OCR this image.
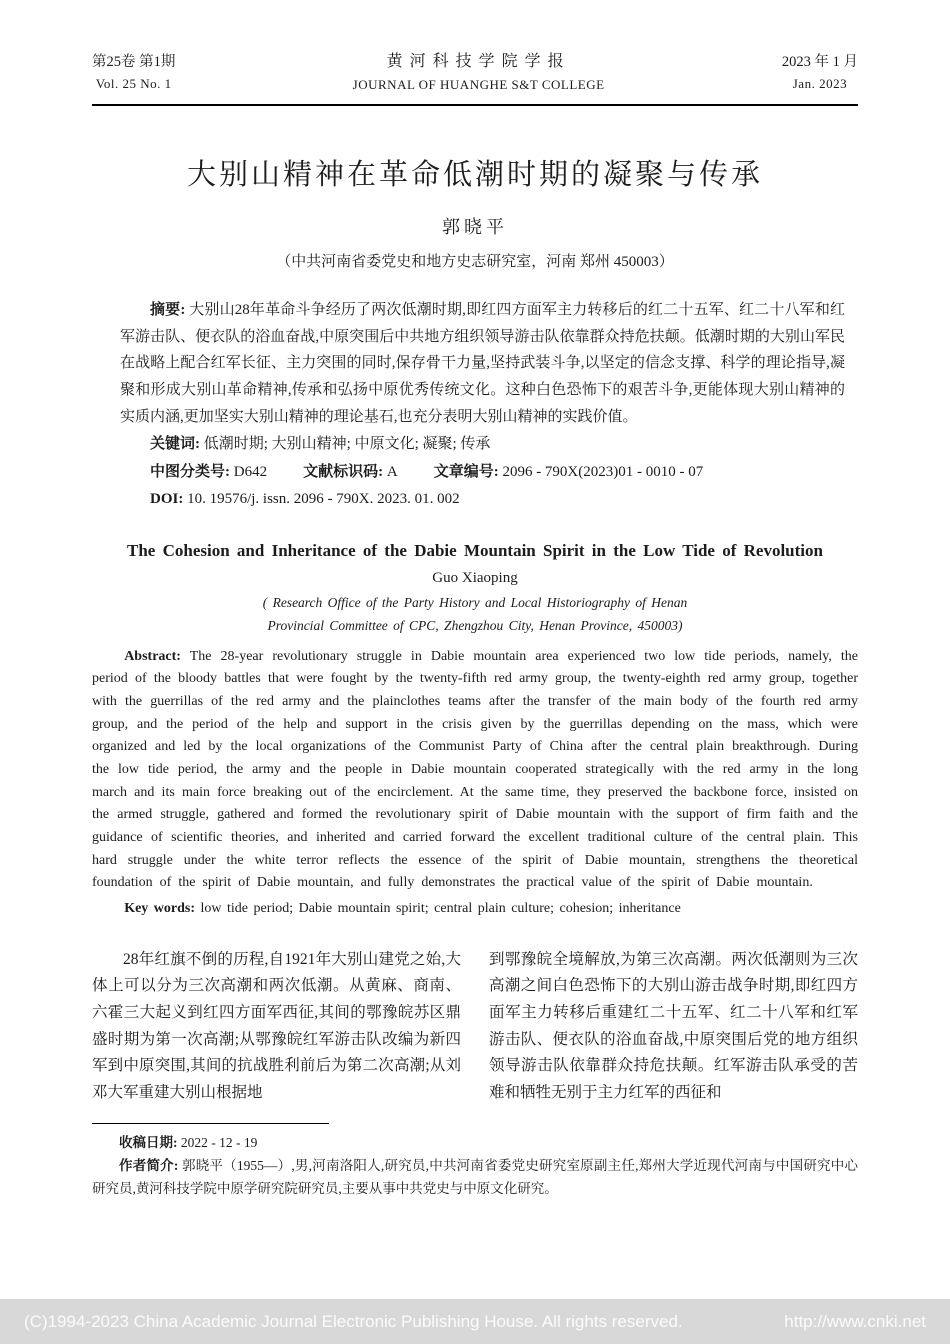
第25卷 第1期
Vol. 25 No. 1
黄河科技学院学报
JOURNAL OF HUANGHE S&T COLLEGE
2023 年 1 月
Jan. 2023
大别山精神在革命低潮时期的凝聚与传承
郭晓平
（中共河南省委党史和地方史志研究室，河南 郑州 450003）

摘要: 大别山28年革命斗争经历了两次低潮时期,即红四方面军主力转移后的红二十五军、红二十八军和红军游击队、便衣队的浴血奋战,中原突围后中共地方组织领导游击队依靠群众持危扶颠。低潮时期的大别山军民在战略上配合红军长征、主力突围的同时,保存骨干力量,坚持武装斗争,以坚定的信念支撑、科学的理论指导,凝聚和形成大别山革命精神,传承和弘扬中原优秀传统文化。这种白色恐怖下的艰苦斗争,更能体现大别山精神的实质内涵,更加坚实大别山精神的理论基石,也充分表明大别山精神的实践价值。

关键词: 低潮时期; 大别山精神; 中原文化; 凝聚; 传承

中图分类号: D642 文献标识码: A 文章编号: 2096 - 790X(2023)01 - 0010 - 07

DOI: 10. 19576/j. issn. 2096 - 790X. 2023. 01. 002

The Cohesion and Inheritance of the Dabie Mountain Spirit in the Low Tide of Revolution
Guo Xiaoping
( Research Office of the Party History and Local Historiography of Henan
Provincial Committee of CPC, Zhengzhou City, Henan Province, 450003)

Abstract: The 28-year revolutionary struggle in Dabie mountain area experienced two low tide periods, namely, the period of the bloody battles that were fought by the twenty-fifth red army group, the twenty-eighth red army group, together with the guerrillas of the red army and the plainclothes teams after the transfer of the main body of the fourth red army group, and the period of the help and support in the crisis given by the guerrillas depending on the mass, which were organized and led by the local organizations of the Communist Party of China after the central plain breakthrough. During the low tide period, the army and the people in Dabie mountain cooperated strategically with the red army in the long march and its main force breaking out of the encirclement. At the same time, they preserved the backbone force, insisted on the armed struggle, gathered and formed the revolutionary spirit of Dabie mountain with the support of firm faith and the guidance of scientific theories, and inherited and carried forward the excellent traditional culture of the central plain. This hard struggle under the white terror reflects the essence of the spirit of Dabie mountain, strengthens the theoretical foundation of the spirit of Dabie mountain, and fully demonstrates the practical value of the spirit of Dabie mountain.

Key words: low tide period; Dabie mountain spirit; central plain culture; cohesion; inheritance

28年红旗不倒的历程,自1921年大别山建党之始,大体上可以分为三次高潮和两次低潮。从黄麻、商南、六霍三大起义到红四方面军西征,其间的鄂豫皖苏区鼎盛时期为第一次高潮;从鄂豫皖红军游击队改编为新四军到中原突围,其间的抗战胜利前后为第二次高潮;从刘邓大军重建大别山根据地

到鄂豫皖全境解放,为第三次高潮。两次低潮则为三次高潮之间白色恐怖下的大别山游击战争时期,即红四方面军主力转移后重建红二十五军、红二十八军和红军游击队、便衣队的浴血奋战,中原突围后党的地方组织领导游击队依靠群众持危扶颠。红军游击队承受的苦难和牺牲无别于主力红军的西征和

收稿日期: 2022 - 12 - 19

作者简介: 郭晓平（1955—）,男,河南洛阳人,研究员,中共河南省委党史研究室原副主任,郑州大学近现代河南与中国研究中心研究员,黄河科技学院中原学研究院研究员,主要从事中共党史与中原文化研究。

(C)1994-2023 China Academic Journal Electronic Publishing House. All rights reserved.	http://www.cnki.net
